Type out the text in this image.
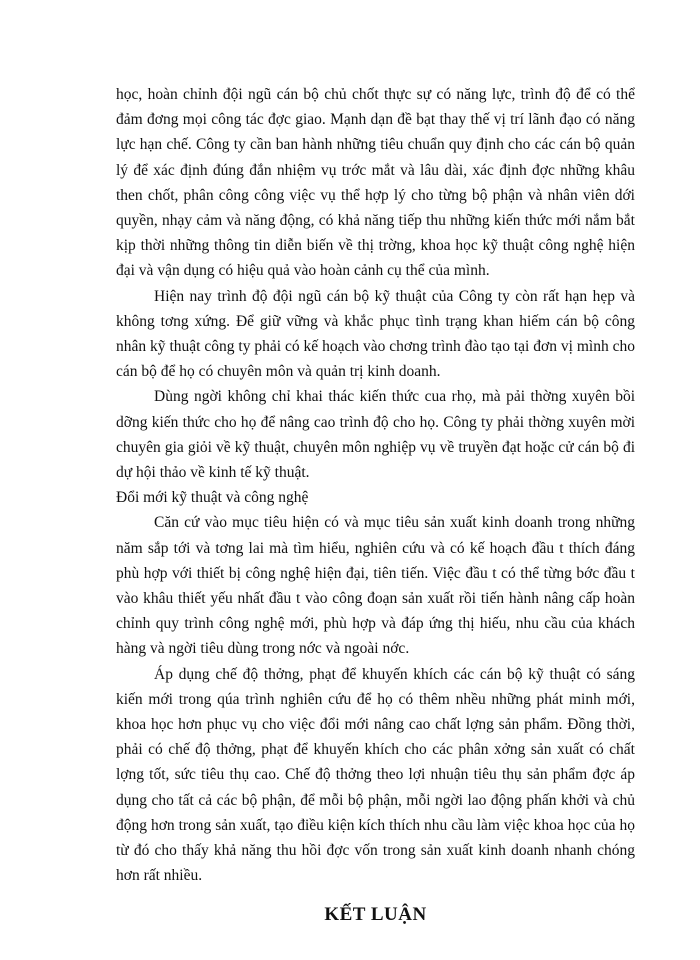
học, hoàn chỉnh đội ngũ cán bộ chủ chốt thực sự có năng lực, trình độ để có thể đảm đơng mọi công tác đợc giao. Mạnh dạn đề bạt thay thế vị trí lãnh đạo có năng lực hạn chế. Công ty cần ban hành những tiêu chuẩn quy định cho các cán bộ quản lý để xác định đúng đắn nhiệm vụ trớc mắt và lâu dài, xác định đợc những khâu then chốt, phân công công việc vụ thể hợp lý cho từng bộ phận và nhân viên dới quyền, nhạy cảm và năng động, có khả năng tiếp thu những kiến thức mới nắm bắt kịp thời những thông tin diễn biến về thị trờng, khoa học kỹ thuật công nghệ hiện đại và vận dụng có hiệu quả vào hoàn cảnh cụ thể của mình.

Hiện nay trình độ đội ngũ cán bộ kỹ thuật của Công ty còn rất hạn hẹp và không tơng xứng. Để giữ vững và khắc phục tình trạng khan hiếm cán bộ công nhân kỹ thuật công ty phải có kế hoạch vào chơng trình đào tạo tại đơn vị mình cho cán bộ để họ có chuyên môn và quản trị kinh doanh.

Dùng ngời không chỉ khai thác kiến thức cua rhọ, mà pải thờng xuyên bồi dỡng kiến thức cho họ để nâng cao trình độ cho họ. Công ty phải thờng xuyên mời chuyên gia giỏi về kỹ thuật, chuyên môn nghiệp vụ về truyền đạt hoặc cử cán bộ đi dự hội thảo về kinh tế kỹ thuật.

Đổi mới kỹ thuật và công nghệ

Căn cứ vào mục tiêu hiện có và mục tiêu sản xuất kinh doanh trong những năm sắp tới và tơng lai mà tìm hiểu, nghiên cứu và có kế hoạch đầu t thích đáng phù hợp với thiết bị công nghệ hiện đại, tiên tiến. Việc đầu t có thể từng bớc đầu t vào khâu thiết yếu nhất đầu t vào công đoạn sản xuất rồi tiến hành nâng cấp hoàn chỉnh quy trình công nghệ mới, phù hợp và đáp ứng thị hiếu, nhu cầu của khách hàng và ngời tiêu dùng trong nớc và ngoài nớc.

Áp dụng chế độ thởng, phạt để khuyến khích các cán bộ kỹ thuật có sáng kiến mới trong qúa trình nghiên cứu để họ có thêm nhều những phát minh mới, khoa học hơn phục vụ cho việc đổi mới nâng cao chất lợng sản phẩm. Đồng thời, phải có chế độ thởng, phạt để khuyến khích cho các phân xởng sản xuất có chất lợng tốt, sức tiêu thụ cao. Chế độ thởng theo lợi nhuận tiêu thụ sản phẩm đợc áp dụng cho tất cả các bộ phận, để mỗi bộ phận, mỗi ngời lao động phấn khởi và chủ động hơn trong sản xuất, tạo điều kiện kích thích nhu cầu làm việc khoa học của họ từ đó cho thấy khả năng thu hồi đợc vốn trong sản xuất kinh doanh nhanh chóng hơn rất nhiều.

KẾT LUẬN
